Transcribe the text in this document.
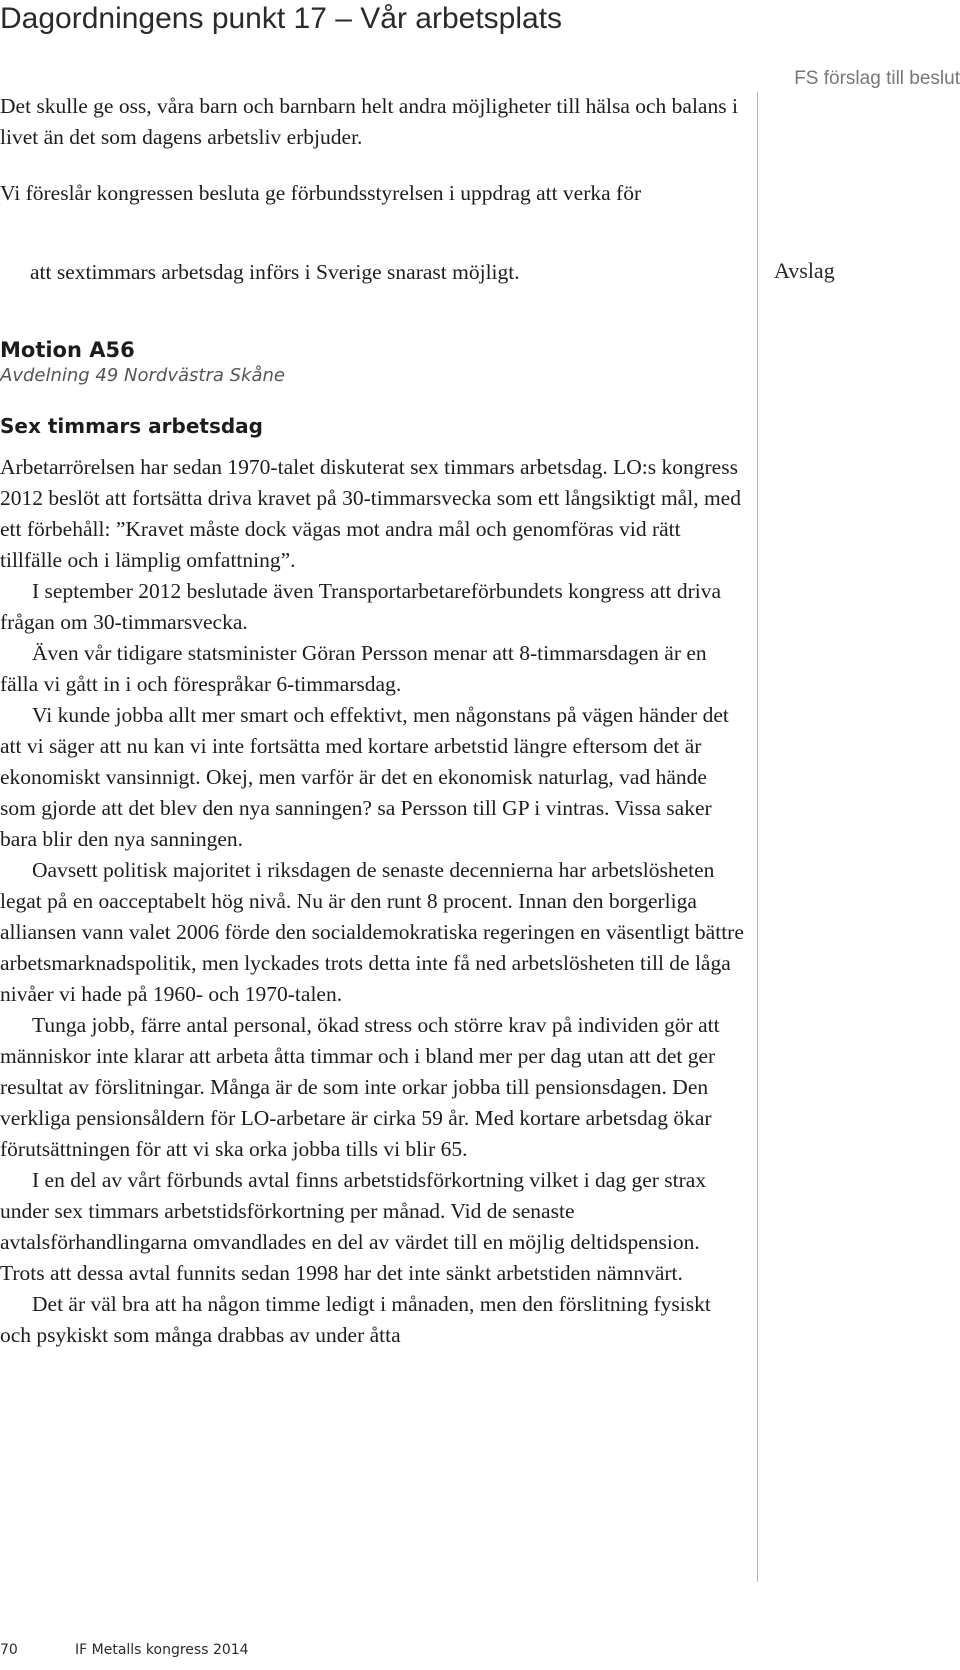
Dagordningens punkt 17 – Vår arbetsplats
FS förslag till beslut
Avslag

Det skulle ge oss, våra barn och barnbarn helt andra möjligheter till hälsa och balans i livet än det som dagens arbetsliv erbjuder.

Vi föreslår kongressen besluta ge förbundsstyrelsen i uppdrag att verka för

att sextimmars arbetsdag införs i Sverige snarast möjligt.

Motion A56

Avdelning 49 Nordvästra Skåne

Sex timmars arbetsdag

Arbetarrörelsen har sedan 1970-talet diskuterat sex timmars arbetsdag. LO:s kongress 2012 beslöt att fortsätta driva kravet på 30-timmarsvecka som ett långsiktigt mål, med ett förbehåll: ”Kravet måste dock vägas mot andra mål och genomföras vid rätt tillfälle och i lämplig omfattning”.

I september 2012 beslutade även Transportarbetareförbundets kongress att driva frågan om 30-timmarsvecka.

Även vår tidigare statsminister Göran Persson menar att 8-timmarsdagen är en fälla vi gått in i och förespråkar 6-timmarsdag.

Vi kunde jobba allt mer smart och effektivt, men någonstans på vägen händer det att vi säger att nu kan vi inte fortsätta med kortare arbetstid längre eftersom det är ekonomiskt vansinnigt. Okej, men varför är det en ekonomisk naturlag, vad hände som gjorde att det blev den nya sanningen? sa Persson till GP i vintras. Vissa saker bara blir den nya sanningen.

Oavsett politisk majoritet i riksdagen de senaste decennierna har arbetslösheten legat på en oacceptabelt hög nivå. Nu är den runt 8 procent. Innan den borgerliga alliansen vann valet 2006 förde den socialdemokratiska regeringen en väsentligt bättre arbetsmarknadspolitik, men lyckades trots detta inte få ned arbetslösheten till de låga nivåer vi hade på 1960- och 1970-talen.

Tunga jobb, färre antal personal, ökad stress och större krav på individen gör att människor inte klarar att arbeta åtta timmar och i bland mer per dag utan att det ger resultat av förslitningar. Många är de som inte orkar jobba till pensionsdagen. Den verkliga pensionsåldern för LO-arbetare är cirka 59 år. Med kortare arbetsdag ökar förutsättningen för att vi ska orka jobba tills vi blir 65.

I en del av vårt förbunds avtal finns arbetstidsförkortning vilket i dag ger strax under sex timmars arbetstidsförkortning per månad. Vid de senaste avtalsförhandlingarna omvandlades en del av värdet till en möjlig deltidspension. Trots att dessa avtal funnits sedan 1998 har det inte sänkt arbetstiden nämnvärt.

Det är väl bra att ha någon timme ledigt i månaden, men den förslitning fysiskt och psykiskt som många drabbas av under åtta

70	IF Metalls kongress 2014
